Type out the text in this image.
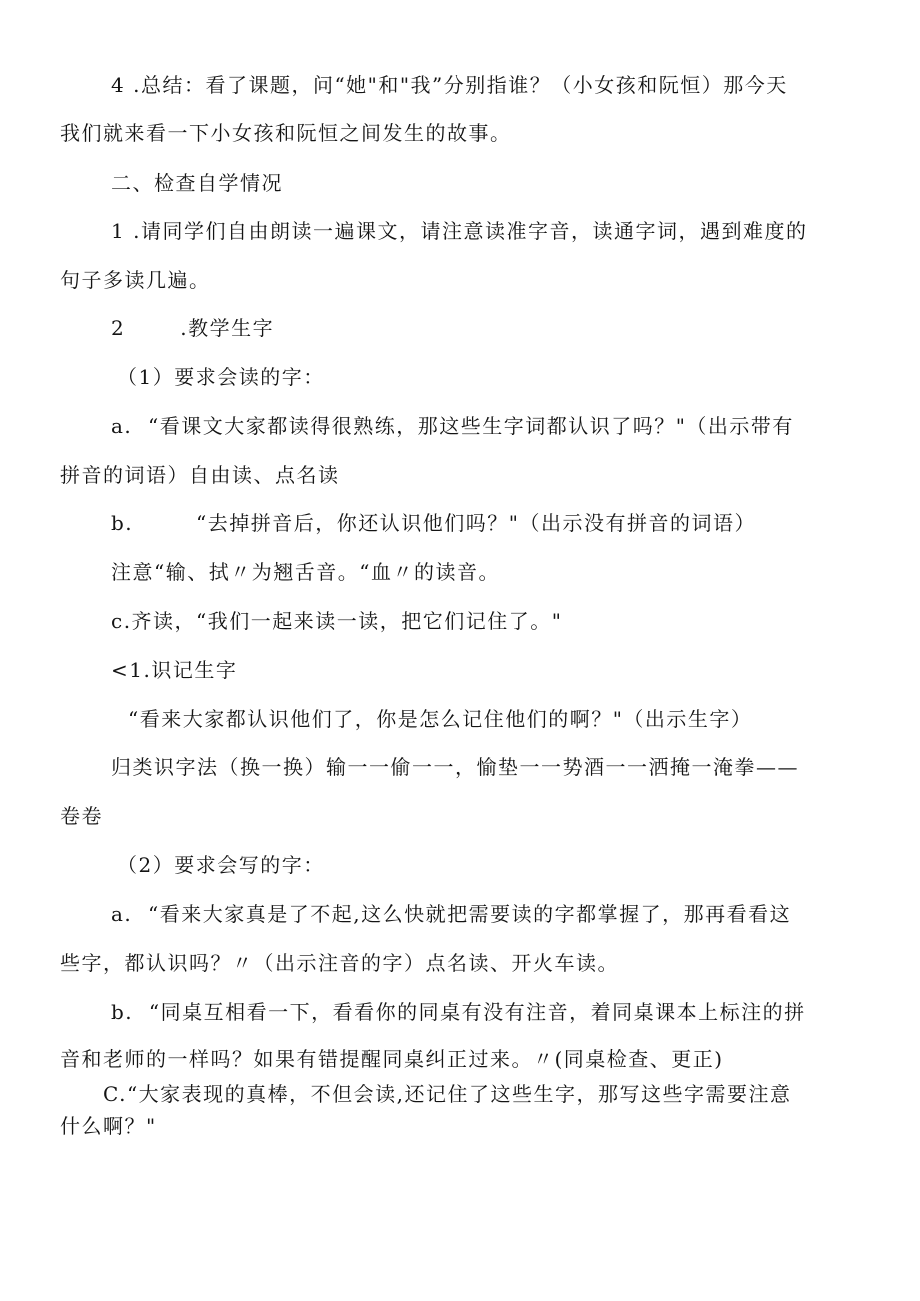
4 .总结：看了课题，问“她"和"我”分别指谁？（小女孩和阮恒）那今天

我们就来看一下小女孩和阮恒之间发生的故事。

二、检查自学情况

1 .请同学们自由朗读一遍课文，请注意读准字音，读通字词，遇到难度的

句子多读几遍。

2       .教学生字

（1）要求会读的字：

a.  “看课文大家都读得很熟练，那这些生字词都认识了吗？"（出示带有

拼音的词语）自由读、点名读

b.        “去掉拼音后，你还认识他们吗？"（出示没有拼音的词语）

注意“输、拭〃为翘舌音。“血〃的读音。

c.齐读，“我们一起来读一读，把它们记住了。"

<1.识记生字

“看来大家都认识他们了，你是怎么记住他们的啊？"（出示生字）

归类识字法（换一换）输一一偷一一，愉垫一一势酒一一洒掩一淹拳——

卷卷

（2）要求会写的字：

a.  “看来大家真是了不起,这么快就把需要读的字都掌握了，那再看看这

些字，都认识吗？〃（出示注音的字）点名读、开火车读。

b.  “同桌互相看一下，看看你的同桌有没有注音，着同桌课本上标注的拼

音和老师的一样吗？如果有错提醒同桌纠正过来。〃(同桌检查、更正)

C.“大家表现的真棒，不但会读,还记住了这些生字，那写这些字需要注意

什么啊？"
